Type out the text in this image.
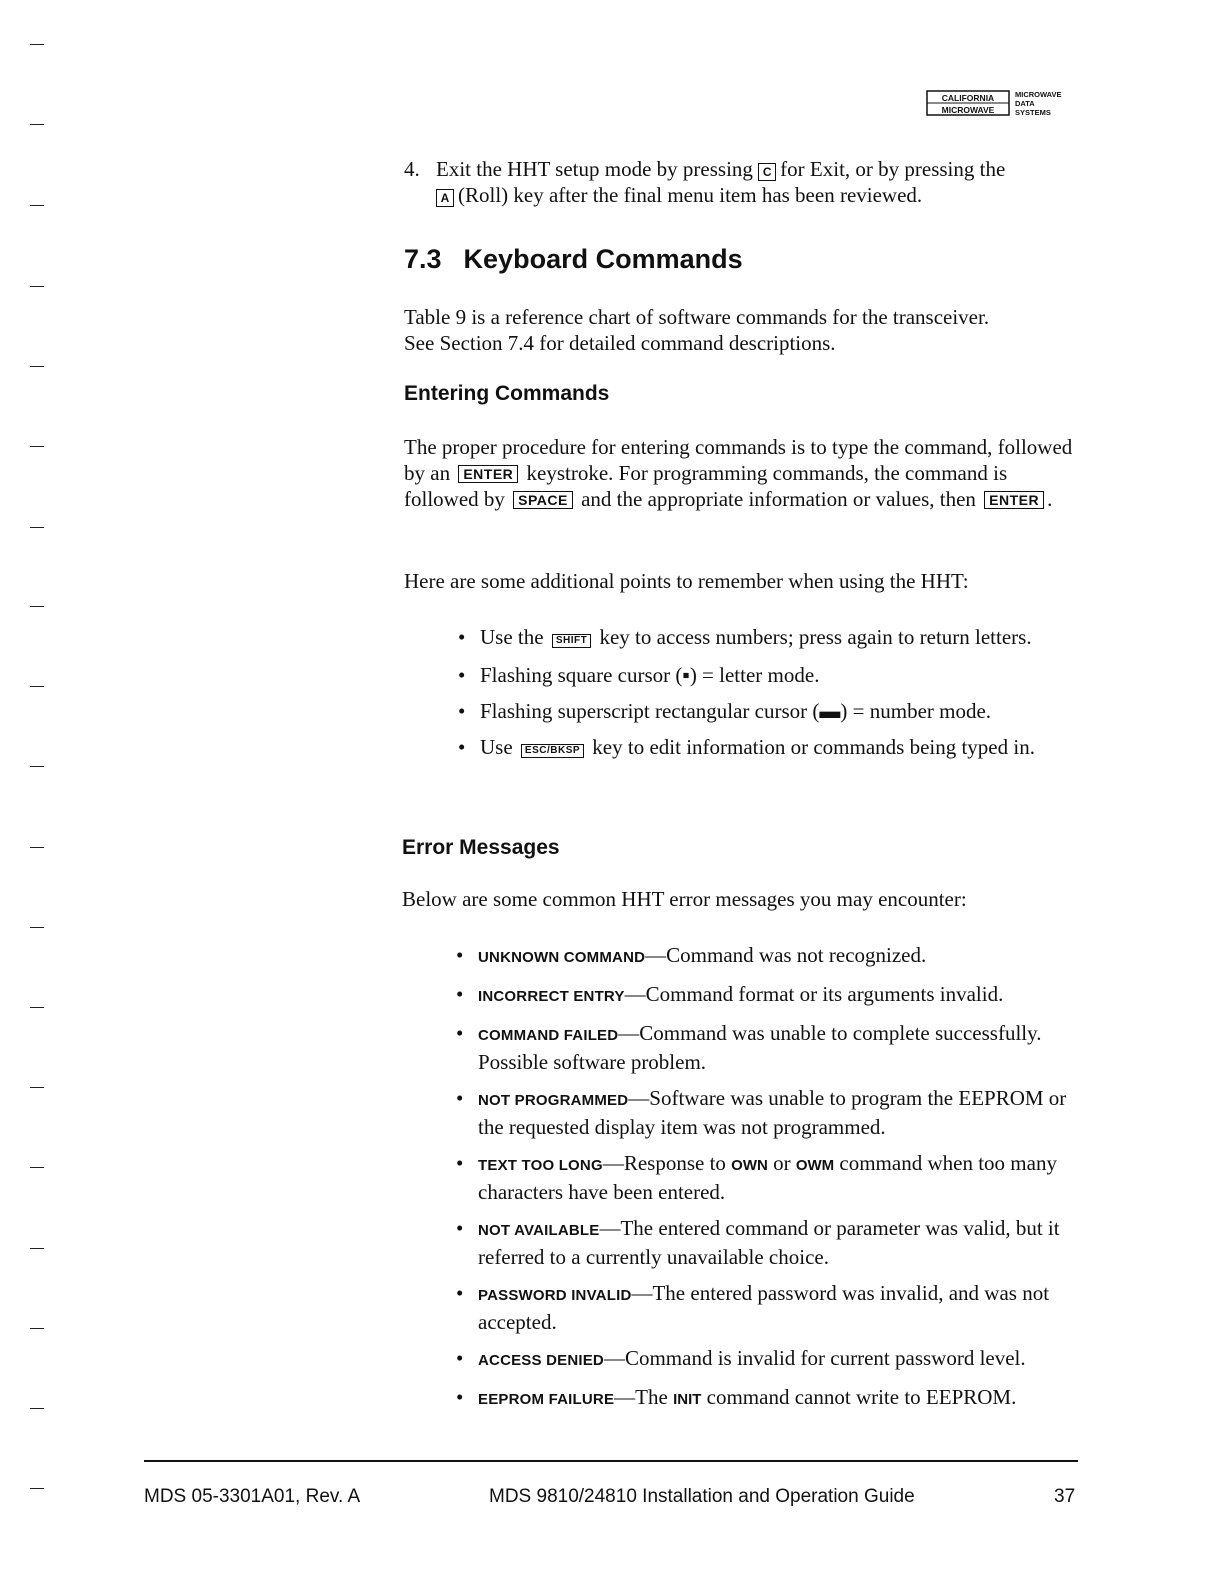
CALIFORNIA
MICROWAVE
MICROWAVE
DATA
SYSTEMS
4. Exit the HHT setup mode by pressing C for Exit, or by pressing the
A (Roll) key after the final menu item has been reviewed.
7.3 Keyboard Commands
Table 9 is a reference chart of software commands for the transceiver.
See Section 7.4 for detailed command descriptions.
Entering Commands
The proper procedure for entering commands is to type the command, followed by an ENTER keystroke. For programming commands, the command is followed by SPACE and the appropriate information or values, then ENTER .
Here are some additional points to remember when using the HHT:
• Use the SHIFT key to access numbers; press again to return letters.
• Flashing square cursor (▪) = letter mode.
• Flashing superscript rectangular cursor (▬) = number mode.
• Use ESC/BKSP key to edit information or commands being typed in.
Error Messages
Below are some common HHT error messages you may encounter:
• UNKNOWN COMMAND—Command was not recognized.
• INCORRECT ENTRY—Command format or its arguments invalid.
• COMMAND FAILED—Command was unable to complete successfully. Possible software problem.
• NOT PROGRAMMED—Software was unable to program the EEPROM or the requested display item was not programmed.
• TEXT TOO LONG—Response to OWN or OWM command when too many characters have been entered.
• NOT AVAILABLE—The entered command or parameter was valid, but it referred to a currently unavailable choice.
• PASSWORD INVALID—The entered password was invalid, and was not accepted.
• ACCESS DENIED—Command is invalid for current password level.
• EEPROM FAILURE—The INIT command cannot write to EEPROM.
MDS 05-3301A01, Rev. A	MDS 9810/24810 Installation and Operation Guide	37
